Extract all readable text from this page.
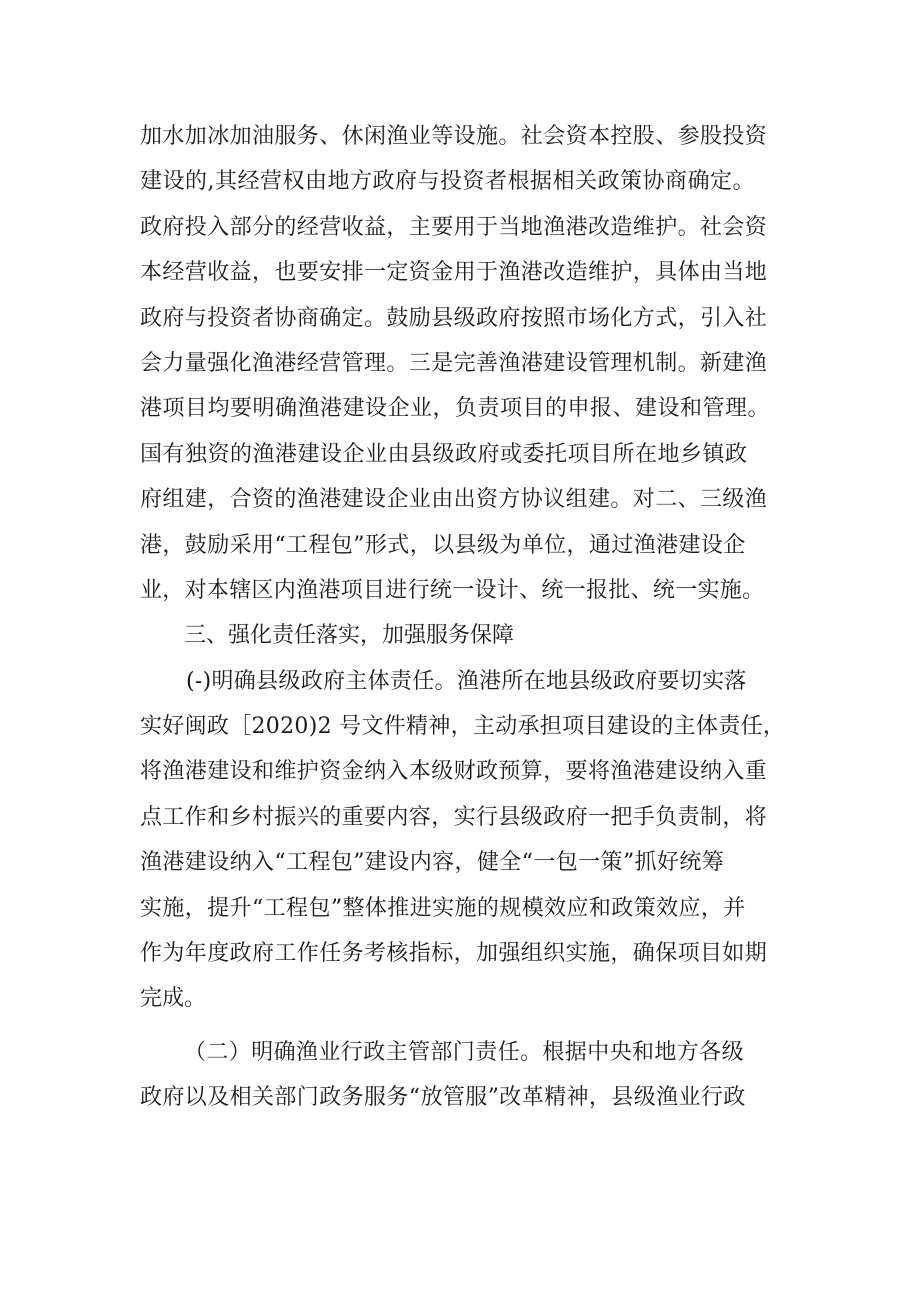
加水加冰加油服务、休闲渔业等设施。社会资本控股、参股投资
建设的,其经营权由地方政府与投资者根据相关政策协商确定。
政府投入部分的经营收益，主要用于当地渔港改造维护。社会资
本经营收益，也要安排一定资金用于渔港改造维护，具体由当地
政府与投资者协商确定。鼓励县级政府按照市场化方式，引入社
会力量强化渔港经营管理。三是完善渔港建设管理机制。新建渔
港项目均要明确渔港建设企业，负责项目的申报、建设和管理。
国有独资的渔港建设企业由县级政府或委托项目所在地乡镇政
府组建，合资的渔港建设企业由出资方协议组建。对二、三级渔
港，鼓励采用“工程包”形式，以县级为单位，通过渔港建设企
业，对本辖区内渔港项目进行统一设计、统一报批、统一实施。
三、强化责任落实，加强服务保障
(-)明确县级政府主体责任。渔港所在地县级政府要切实落
实好闽政［2020)2 号文件精神，主动承担项目建设的主体责任，
将渔港建设和维护资金纳入本级财政预算，要将渔港建设纳入重
点工作和乡村振兴的重要内容，实行县级政府一把手负责制，将
渔港建设纳入“工程包”建设内容，健全“一包一策”抓好统筹
实施，提升“工程包”整体推进实施的规模效应和政策效应，并
作为年度政府工作任务考核指标，加强组织实施，确保项目如期
完成。
（二）明确渔业行政主管部门责任。根据中央和地方各级
政府以及相关部门政务服务“放管服”改革精神，县级渔业行政
